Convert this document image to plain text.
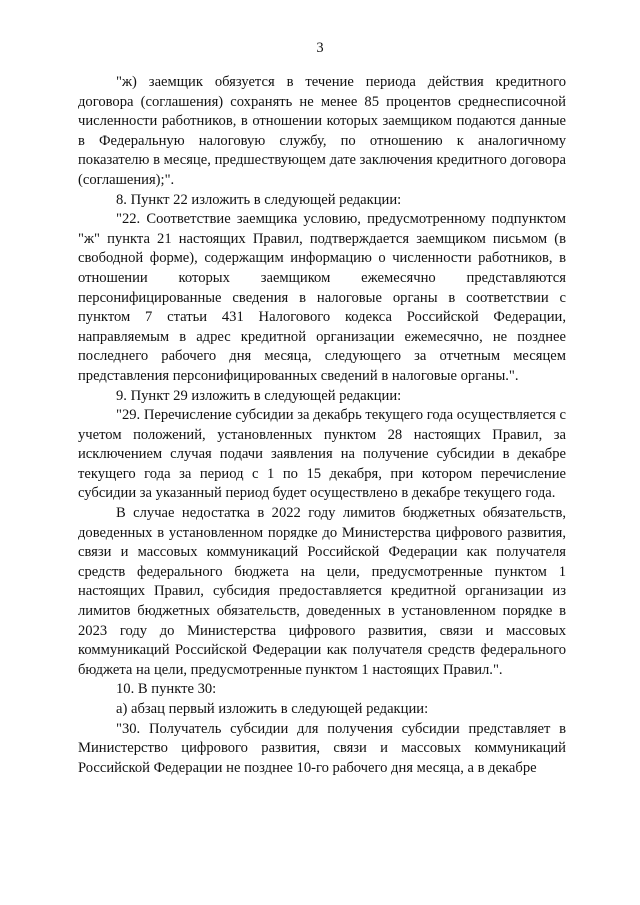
3

"ж) заемщик обязуется в течение периода действия кредитного договора (соглашения) сохранять не менее 85 процентов среднесписочной численности работников, в отношении которых заемщиком подаются данные в Федеральную налоговую службу, по отношению к аналогичному показателю в месяце, предшествующем дате заключения кредитного договора (соглашения);".

8. Пункт 22 изложить в следующей редакции:

"22. Соответствие заемщика условию, предусмотренному подпунктом "ж" пункта 21 настоящих Правил, подтверждается заемщиком письмом (в свободной форме), содержащим информацию о численности работников, в отношении которых заемщиком ежемесячно представляются персонифицированные сведения в налоговые органы в соответствии с пунктом 7 статьи 431 Налогового кодекса Российской Федерации, направляемым в адрес кредитной организации ежемесячно, не позднее последнего рабочего дня месяца, следующего за отчетным месяцем представления персонифицированных сведений в налоговые органы.".

9. Пункт 29 изложить в следующей редакции:

"29. Перечисление субсидии за декабрь текущего года осуществляется с учетом положений, установленных пунктом 28 настоящих Правил, за исключением случая подачи заявления на получение субсидии в декабре текущего года за период с 1 по 15 декабря, при котором перечисление субсидии за указанный период будет осуществлено в декабре текущего года.

В случае недостатка в 2022 году лимитов бюджетных обязательств, доведенных в установленном порядке до Министерства цифрового развития, связи и массовых коммуникаций Российской Федерации как получателя средств федерального бюджета на цели, предусмотренные пунктом 1 настоящих Правил, субсидия предоставляется кредитной организации из лимитов бюджетных обязательств, доведенных в установленном порядке в 2023 году до Министерства цифрового развития, связи и массовых коммуникаций Российской Федерации как получателя средств федерального бюджета на цели, предусмотренные пунктом 1 настоящих Правил.".

10. В пункте 30:

а) абзац первый изложить в следующей редакции:

"30. Получатель субсидии для получения субсидии представляет в Министерство цифрового развития, связи и массовых коммуникаций Российской Федерации не позднее 10-го рабочего дня месяца, а в декабре
